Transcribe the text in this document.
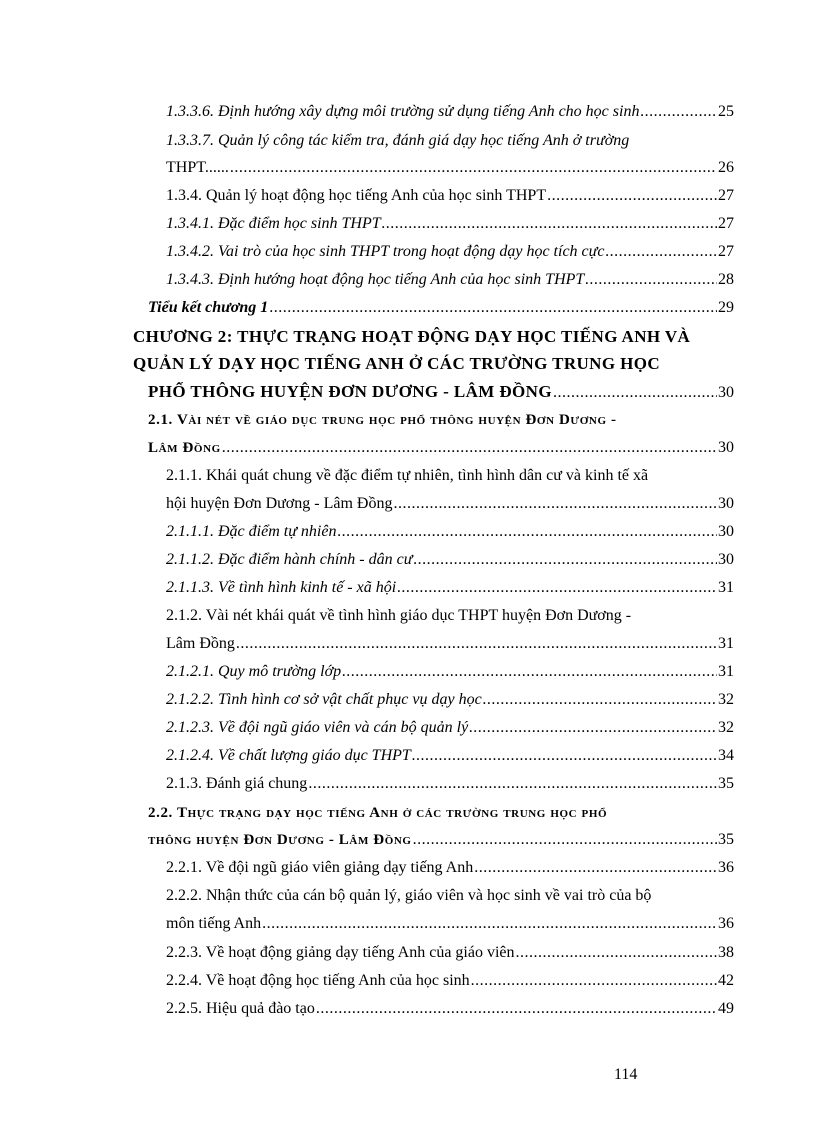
1.3.3.6. Định hướng xây dựng môi trường sử dụng tiếng Anh cho học sinh .....	25
1.3.3.7. Quản lý công tác kiểm tra, đánh giá dạy học tiếng Anh ở trường
THPT...... .....	26
1.3.4. Quản lý hoạt động học tiếng Anh của học sinh THPT .....	27
1.3.4.1. Đặc điểm học sinh THPT .....	27
1.3.4.2. Vai trò của học sinh THPT trong hoạt động dạy học tích cực .....	27
1.3.4.3. Định hướng hoạt động học tiếng Anh của học sinh THPT .....	28
Tiểu kết chương 1 .....	29
CHƯƠNG 2: THỰC TRẠNG HOẠT ĐỘNG DẠY HỌC TIẾNG ANH VÀ
QUẢN LÝ DẠY HỌC TIẾNG ANH Ở CÁC TRƯỜNG TRUNG HỌC
PHỔ THÔNG HUYỆN ĐƠN DƯƠNG - LÂM ĐỒNG .....	30
2.1. Vài nét về giáo dục trung học phổ thông huyện Đơn Dương -
Lâm Đồng .....	30
2.1.1. Khái quát chung về đặc điểm tự nhiên, tình hình dân cư và kinh tế xã
hội huyện Đơn Dương - Lâm Đồng .....	30
2.1.1.1. Đặc điểm tự nhiên .....	30
2.1.1.2. Đặc điểm hành chính - dân cư .....	30
2.1.1.3. Về tình hình kinh tế - xã hội .....	31
2.1.2. Vài nét khái quát về tình hình giáo dục THPT huyện Đơn Dương -
Lâm Đồng .....	31
2.1.2.1. Quy mô trường lớp .....	31
2.1.2.2. Tình hình cơ sở vật chất phục vụ dạy học .....	32
2.1.2.3. Về đội ngũ giáo viên và cán bộ quản lý .....	32
2.1.2.4. Về chất lượng giáo dục THPT .....	34
2.1.3. Đánh giá chung .....	35
2.2. Thực trạng dạy học tiếng Anh ở các trường trung học phổ
thông huyện Đơn Dương - Lâm Đồng .....	35
2.2.1. Về đội ngũ giáo viên giảng dạy tiếng Anh .....	36
2.2.2. Nhận thức của cán bộ quản lý, giáo viên và học sinh về vai trò của bộ
môn tiếng Anh .....	36
2.2.3. Về hoạt động giảng dạy tiếng Anh của giáo viên .....	38
2.2.4. Về hoạt động học tiếng Anh của học sinh .....	42
2.2.5. Hiệu quả đào tạo .....	49
114
